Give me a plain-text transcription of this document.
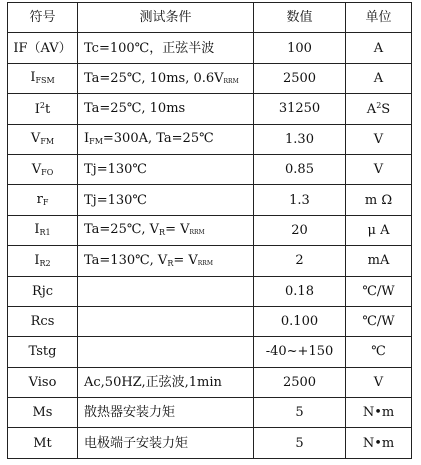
符号	测试条件	数值	单位
IF（AV）	Tc=100℃，正弦半波	100	A
$I_{FSM}$	Ta=25℃, 10ms, 0.6VRRM	2500	A
$I^2t$	Ta=25℃, 10ms	31250	$A^2S$
$V_{FM}$	$I_{FM}=300A$, Ta=25℃	1.30	V
$V_{FO}$	Tj=130℃	0.85	V
$r_F$	Tj=130℃	1.3	m Ω
$I_{R1}$	Ta=25℃, $V_R=$ VRRM	20	μ A
$I_{R2}$	Ta=130℃, $V_R=$ VRRM	2	mA
Rjc		0.18	℃/W
Rcs		0.100	℃/W
Tstg		-40~+150	℃
Viso	Ac,50HZ,正弦波,1min	2500	V
Ms	散热器安装力矩	5	N•m
Mt	电极端子安装力矩	5	N•m
